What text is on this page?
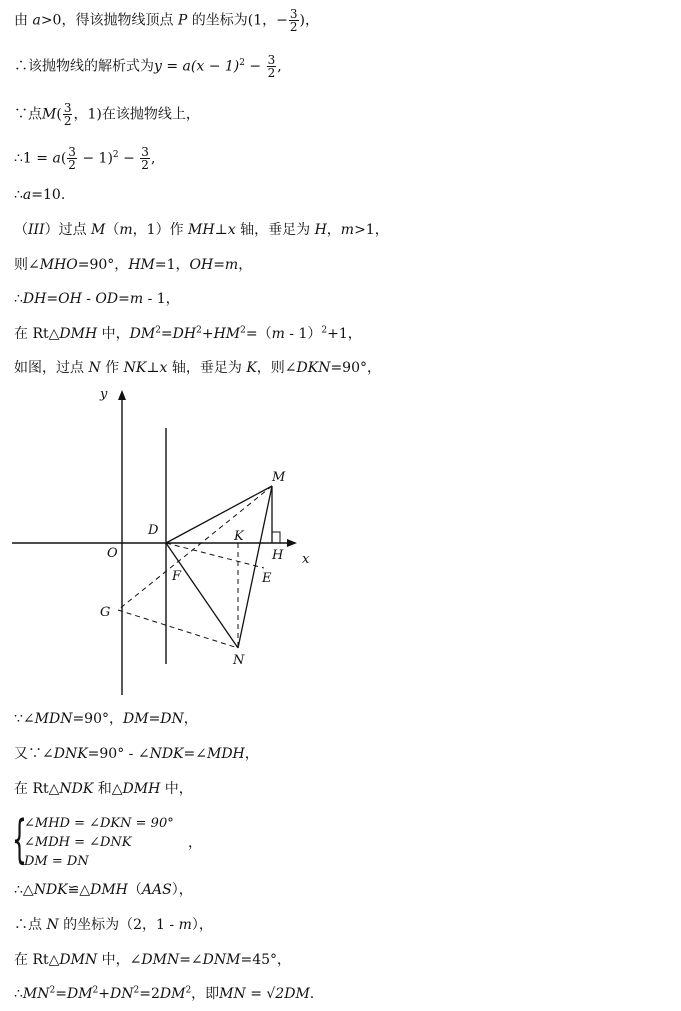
由 a>0，得该抛物线顶点 P 的坐标为(1，− $\frac{3}{2}$ )，
∴该抛物线的解析式为$y = a(x - 1)^2 - \frac{3}{2}$ ,
∵点$M( \frac{3}{2}$ ，1)在该抛物线上，
∴1 = $a( \frac{3}{2} - 1)^2 - \frac{3}{2}$ ,
∴a=10.
（III）过点 M（m，1）作 MH⊥x 轴，垂足为 H，m>1，
则∠MHO=90°，HM=1，OH=m，
∴DH=OH - OD=m - 1，
在 Rt△DMH 中，$DM^2=DH^2+HM^2=(m - 1)^2+1$，
如图，过点 N 作 NK⊥x 轴，垂足为 K，则∠DKN=90°，
y
x
O
D
M
K
H
F	E
G
N
∵∠MDN=90°，DM=DN，
又∵∠DNK=90° - ∠NDK=∠MDH，
在 Rt△NDK 和△DMH 中，
{
∠MHD = ∠DKN = 90°
∠MDH = ∠DNK
DM = DN
，
∴△NDK≌△DMH（AAS），
∴点 N 的坐标为（2，1 - m），
在 Rt△DMN 中，∠DMN=∠DNM=45°，
$\therefore MN^2=DM^2+DN^2=2DM^2$，即MN = √2DM.
